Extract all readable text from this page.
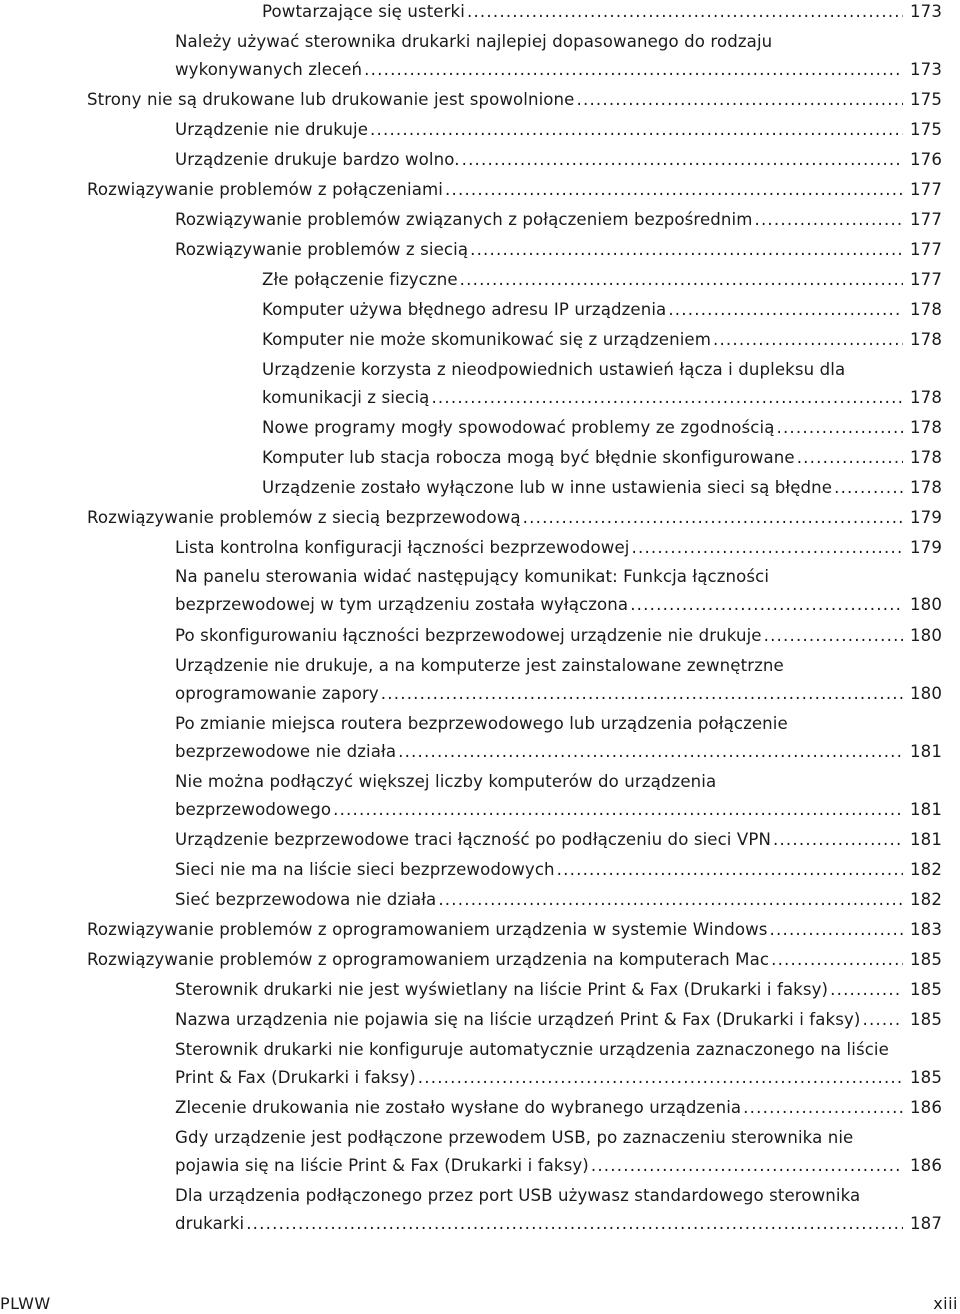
Powtarzające się usterki .....	173
Należy używać sterownika drukarki najlepiej dopasowanego do rodzaju
wykonywanych zleceń .....	173
Strony nie są drukowane lub drukowanie jest spowolnione .....	175
Urządzenie nie drukuje .....	175
Urządzenie drukuje bardzo wolno. .....	176
Rozwiązywanie problemów z połączeniami .....	177
Rozwiązywanie problemów związanych z połączeniem bezpośrednim .....	177
Rozwiązywanie problemów z siecią .....	177
Złe połączenie fizyczne .....	177
Komputer używa błędnego adresu IP urządzenia .....	178
Komputer nie może skomunikować się z urządzeniem .....	178
Urządzenie korzysta z nieodpowiednich ustawień łącza i dupleksu dla
komunikacji z siecią .....	178
Nowe programy mogły spowodować problemy ze zgodnością .....	178
Komputer lub stacja robocza mogą być błędnie skonfigurowane .....	178
Urządzenie zostało wyłączone lub w inne ustawienia sieci są błędne .....	178
Rozwiązywanie problemów z siecią bezprzewodową .....	179
Lista kontrolna konfiguracji łączności bezprzewodowej .....	179
Na panelu sterowania widać następujący komunikat: Funkcja łączności
bezprzewodowej w tym urządzeniu została wyłączona .....	180
Po skonfigurowaniu łączności bezprzewodowej urządzenie nie drukuje .....	180
Urządzenie nie drukuje, a na komputerze jest zainstalowane zewnętrzne
oprogramowanie zapory .....	180
Po zmianie miejsca routera bezprzewodowego lub urządzenia połączenie
bezprzewodowe nie działa .....	181
Nie można podłączyć większej liczby komputerów do urządzenia
bezprzewodowego .....	181
Urządzenie bezprzewodowe traci łączność po podłączeniu do sieci VPN .....	181
Sieci nie ma na liście sieci bezprzewodowych .....	182
Sieć bezprzewodowa nie działa .....	182
Rozwiązywanie problemów z oprogramowaniem urządzenia w systemie Windows .....	183
Rozwiązywanie problemów z oprogramowaniem urządzenia na komputerach Mac .....	185
Sterownik drukarki nie jest wyświetlany na liście Print & Fax (Drukarki i faksy) .....	185
Nazwa urządzenia nie pojawia się na liście urządzeń Print & Fax (Drukarki i faksy) .....	185
Sterownik drukarki nie konfiguruje automatycznie urządzenia zaznaczonego na liście
Print & Fax (Drukarki i faksy) .....	185
Zlecenie drukowania nie zostało wysłane do wybranego urządzenia .....	186
Gdy urządzenie jest podłączone przewodem USB, po zaznaczeniu sterownika nie
pojawia się na liście Print & Fax (Drukarki i faksy) .....	186
Dla urządzenia podłączonego przez port USB używasz standardowego sterownika
drukarki .....	187
PLWW	xiii
